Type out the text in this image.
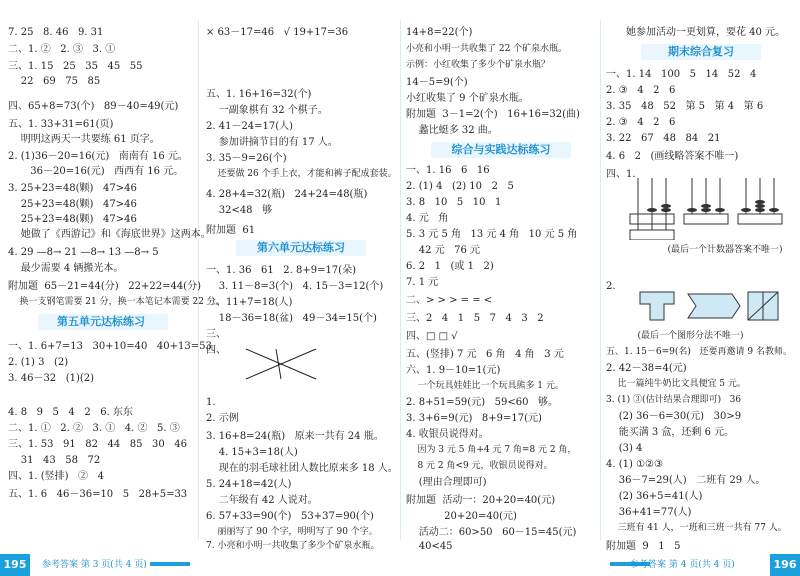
7. 25   8. 46   9. 31
二、1. ②   2. ③   3. ①
三、1. 15   25   35   45   55
22   69   75   85
四、65+8=73(个)   89－40=49(元)
五、1. 33+31=61(页)
明明这两天一共要练 61 页字。
2. (1)36－20=16(元)   南南有 16 元。
36－20=16(元)   西西有 16 元。
3. 25+23=48(颗)   47>46
25+23=48(颗)   47>46
25+23=48(颗)   47>46
她做了《西游记》和《海底世界》这两本。
4. 29 —8→ 21 —8→ 13 —8→ 5
最少需要 4 辆搬光本。
附加题  65－21=44(分)   22+22=44(分)
换一支钢笔需要 21 分，换一本笔记本需要 22 分。
第五单元达标练习
一、1. 6+7=13   30+10=40   40+13=53
2. (1) 3   (2)
3. 46－32   (1)(2)
4. 8   9   5   4   2   6. 东东
二、1. ①   2. ②   3. ①   4. ②   5. ③
三、1. 53   91   82   44   85   30   46
31   43   58   72
四、1. (竖排)   ②   4
五、1. 6   46－36=10   5   28+5=33
× 63－17=46   √ 19+17=36
五、1. 16+16=32(个)
一副象棋有 32 个棋子。
2. 41－24=17(人)
参加讲摘节目的有 17 人。
3. 35－9=26(个)
还要做 26 个手上衣，才能和裤子配成套装。
4. 28+4=32(瓶)   24+24=48(瓶)
32<48   够
附加题  61
第六单元达标练习
一、1. 36   61   2. 8+9=17(朵)
3. 11－8=3(个)   4. 15－3=12(个)
二、11+7=18(人)
18－36=18(盆)   49－34=15(个)
三、
四、
1.
2. 示例
3. 16+8=24(瓶)   原来一共有 24 瓶。
4. 15+3=18(人)
现在的羽毛球社团人数比原来多 18 人。
5. 24+18=42(人)
二年级有 42 人说对。
6. 57+33=90(个)   53+37=90(个)
丽丽写了 90 个字，明明写了 90 个字。
7. 小亮和小明一共收集了多少个矿泉水瓶。
14+8=22(个)
小亮和小明一共收集了 22 个矿泉水瓶。
示例：小红收集了多少个矿泉水瓶？
14－5=9(个)
小红收集了 9 个矿泉水瓶。
附加题  3－1=2(个)   16+16=32(曲)
蠡比蜓多 32 曲。
综合与实践达标练习
一、1. 16   6   16
2. (1) 4   (2) 10   2   5
3. 8   10   5   10   1
4. 元   角
5. 3 元 5 角   13 元 4 角   10 元 5 角
42 元   76 元
6. 2   1   (或 1   2)
7. 1 元
二、> > > = = <
三、2   4   1   5   7   4   3   2
四、□ □ √
五、(竖排) 7 元   6 角   4 角   3 元
六、1. 9－10=1(元)
一个玩具娃娃比一个玩具熊多 1 元。
2. 8+51=59(元)   59<60   够。
3. 3+6=9(元)   8+9=17(元)
4. 收银员说得对。
因为 3 元 5 角+4 元 7 角=8 元 2 角，
8 元 2 角<9 元，收银员说得对。
(理由合理即可)
附加题  活动一：20+20=40(元)
20+20=40(元)
活动二：60>50   60－15=45(元)
40<45
她参加活动一更划算，要花 40 元。
期末综合复习
一、1. 14   100   5   14   52   4
2. ③   4   2   6
3. 35   48   52   第 5   第 4   第 6
2. ③   4   2   6
3. 22   67   48   84   21
4. 6   2   (画线略答案不唯一)
四、1.
(最后一个计数器答案不唯一)
2.
(最后一个图形分法不唯一)
五、1. 15－6=9(名)   还要再邀请 9 名教师。
2. 42－38=4(元)
比一篇纯牛奶比文具便宜 5 元。
3. (1) ③(估计结果合理即可)   36
(2) 36－6=30(元)   30>9
能买满 3 盒，还剩 6 元。
(3) 4
4. (1) ①②③
36－7=29(人)   二班有 29 人。
(2) 36+5=41(人)
36+41=77(人)
三班有 41 人，一班和三班一共有 77 人。
附加题  9   1   5
195	参考答案 第 3 页(共 4 页)	参考答案 第 4 页(共 4 页)	196
